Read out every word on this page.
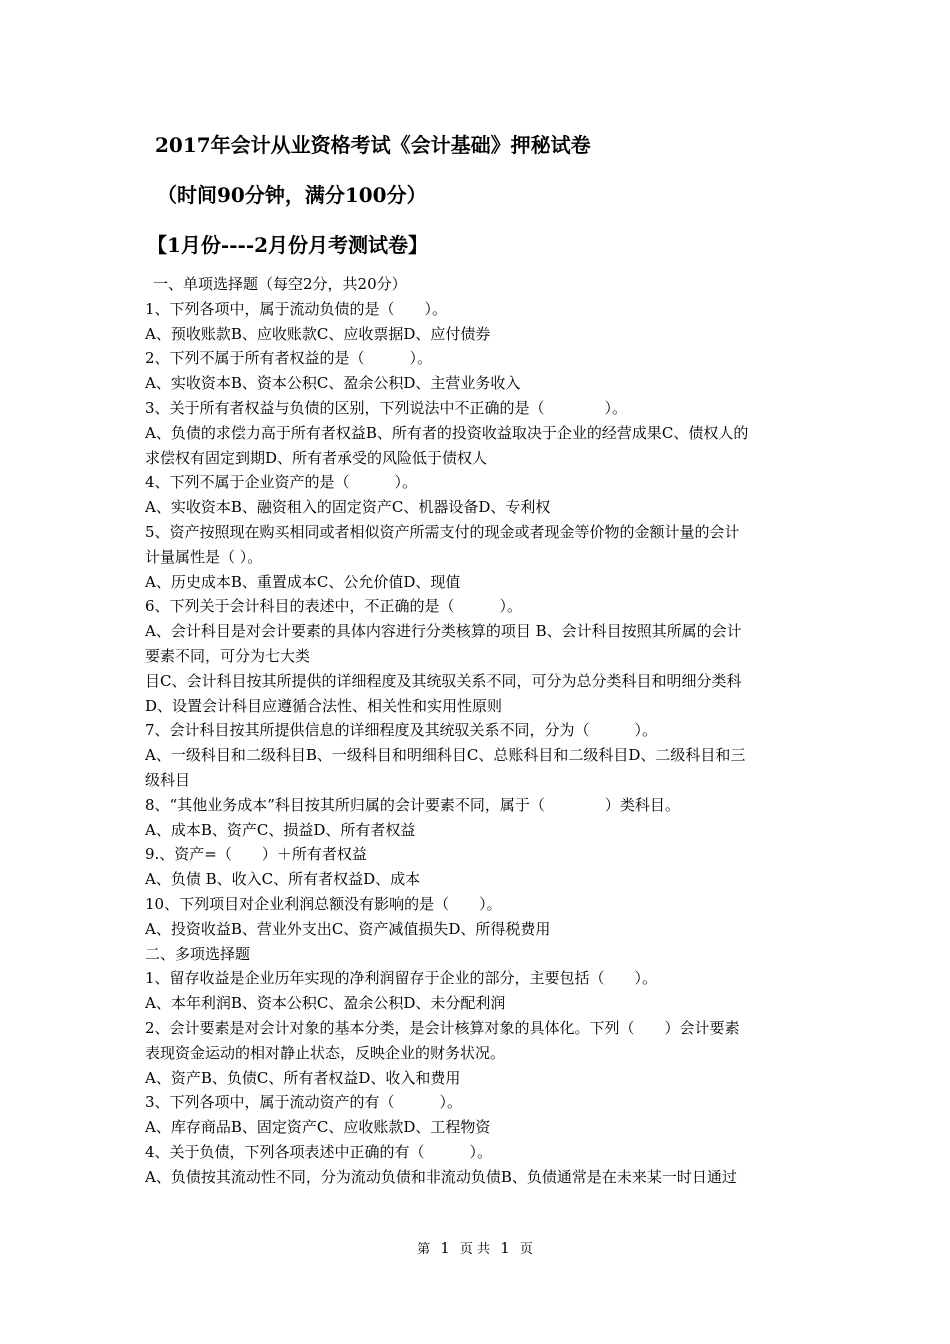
2017年会计从业资格考试《会计基础》押秘试卷
（时间90分钟，满分100分）
【1月份----2月份月考测试卷】
一、单项选择题（每空2分，共20分）
1、下列各项中，属于流动负债的是（　　）。
A、预收账款B、应收账款C、应收票据D、应付债券
2、下列不属于所有者权益的是（　　　）。
A、实收资本B、资本公积C、盈余公积D、主营业务收入
3、关于所有者权益与负债的区别，下列说法中不正确的是（　　　　）。
A、负债的求偿力高于所有者权益B、所有者的投资收益取决于企业的经营成果C、债权人的
求偿权有固定到期D、所有者承受的风险低于债权人
4、下列不属于企业资产的是（　　　）。
A、实收资本B、融资租入的固定资产C、机器设备D、专利权
5、资产按照现在购买相同或者相似资产所需支付的现金或者现金等价物的金额计量的会计
计量属性是（ ）。
A、历史成本B、重置成本C、公允价值D、现值
6、下列关于会计科目的表述中，不正确的是（　　　）。
A、会计科目是对会计要素的具体内容进行分类核算的项目 B、会计科目按照其所属的会计
要素不同，可分为七大类
目C、会计科目按其所提供的详细程度及其统驭关系不同，可分为总分类科目和明细分类科
D、设置会计科目应遵循合法性、相关性和实用性原则
7、会计科目按其所提供信息的详细程度及其统驭关系不同，分为（　　　）。
A、一级科目和二级科目B、一级科目和明细科目C、总账科目和二级科目D、二级科目和三
级科目
8、“其他业务成本”科目按其所归属的会计要素不同，属于（　　　　）类科目。
A、成本B、资产C、损益D、所有者权益
9.、资产=（　　）＋所有者权益
A、负债 B、收入C、所有者权益D、成本
10、下列项目对企业利润总额没有影响的是（　　）。
A、投资收益B、营业外支出C、资产减值损失D、所得税费用
二、多项选择题
1、留存收益是企业历年实现的净利润留存于企业的部分，主要包括（　　）。
A、本年利润B、资本公积C、盈余公积D、未分配利润
2、会计要素是对会计对象的基本分类，是会计核算对象的具体化。下列（　　）会计要素
表现资金运动的相对静止状态，反映企业的财务状况。
A、资产B、负债C、所有者权益D、收入和费用
3、下列各项中，属于流动资产的有（　　　）。
A、库存商品B、固定资产C、应收账款D、工程物资
4、关于负债，下列各项表述中正确的有（　　　）。
A、负债按其流动性不同，分为流动负债和非流动负债B、负债通常是在未来某一时日通过
第 1 页 共 1 页
